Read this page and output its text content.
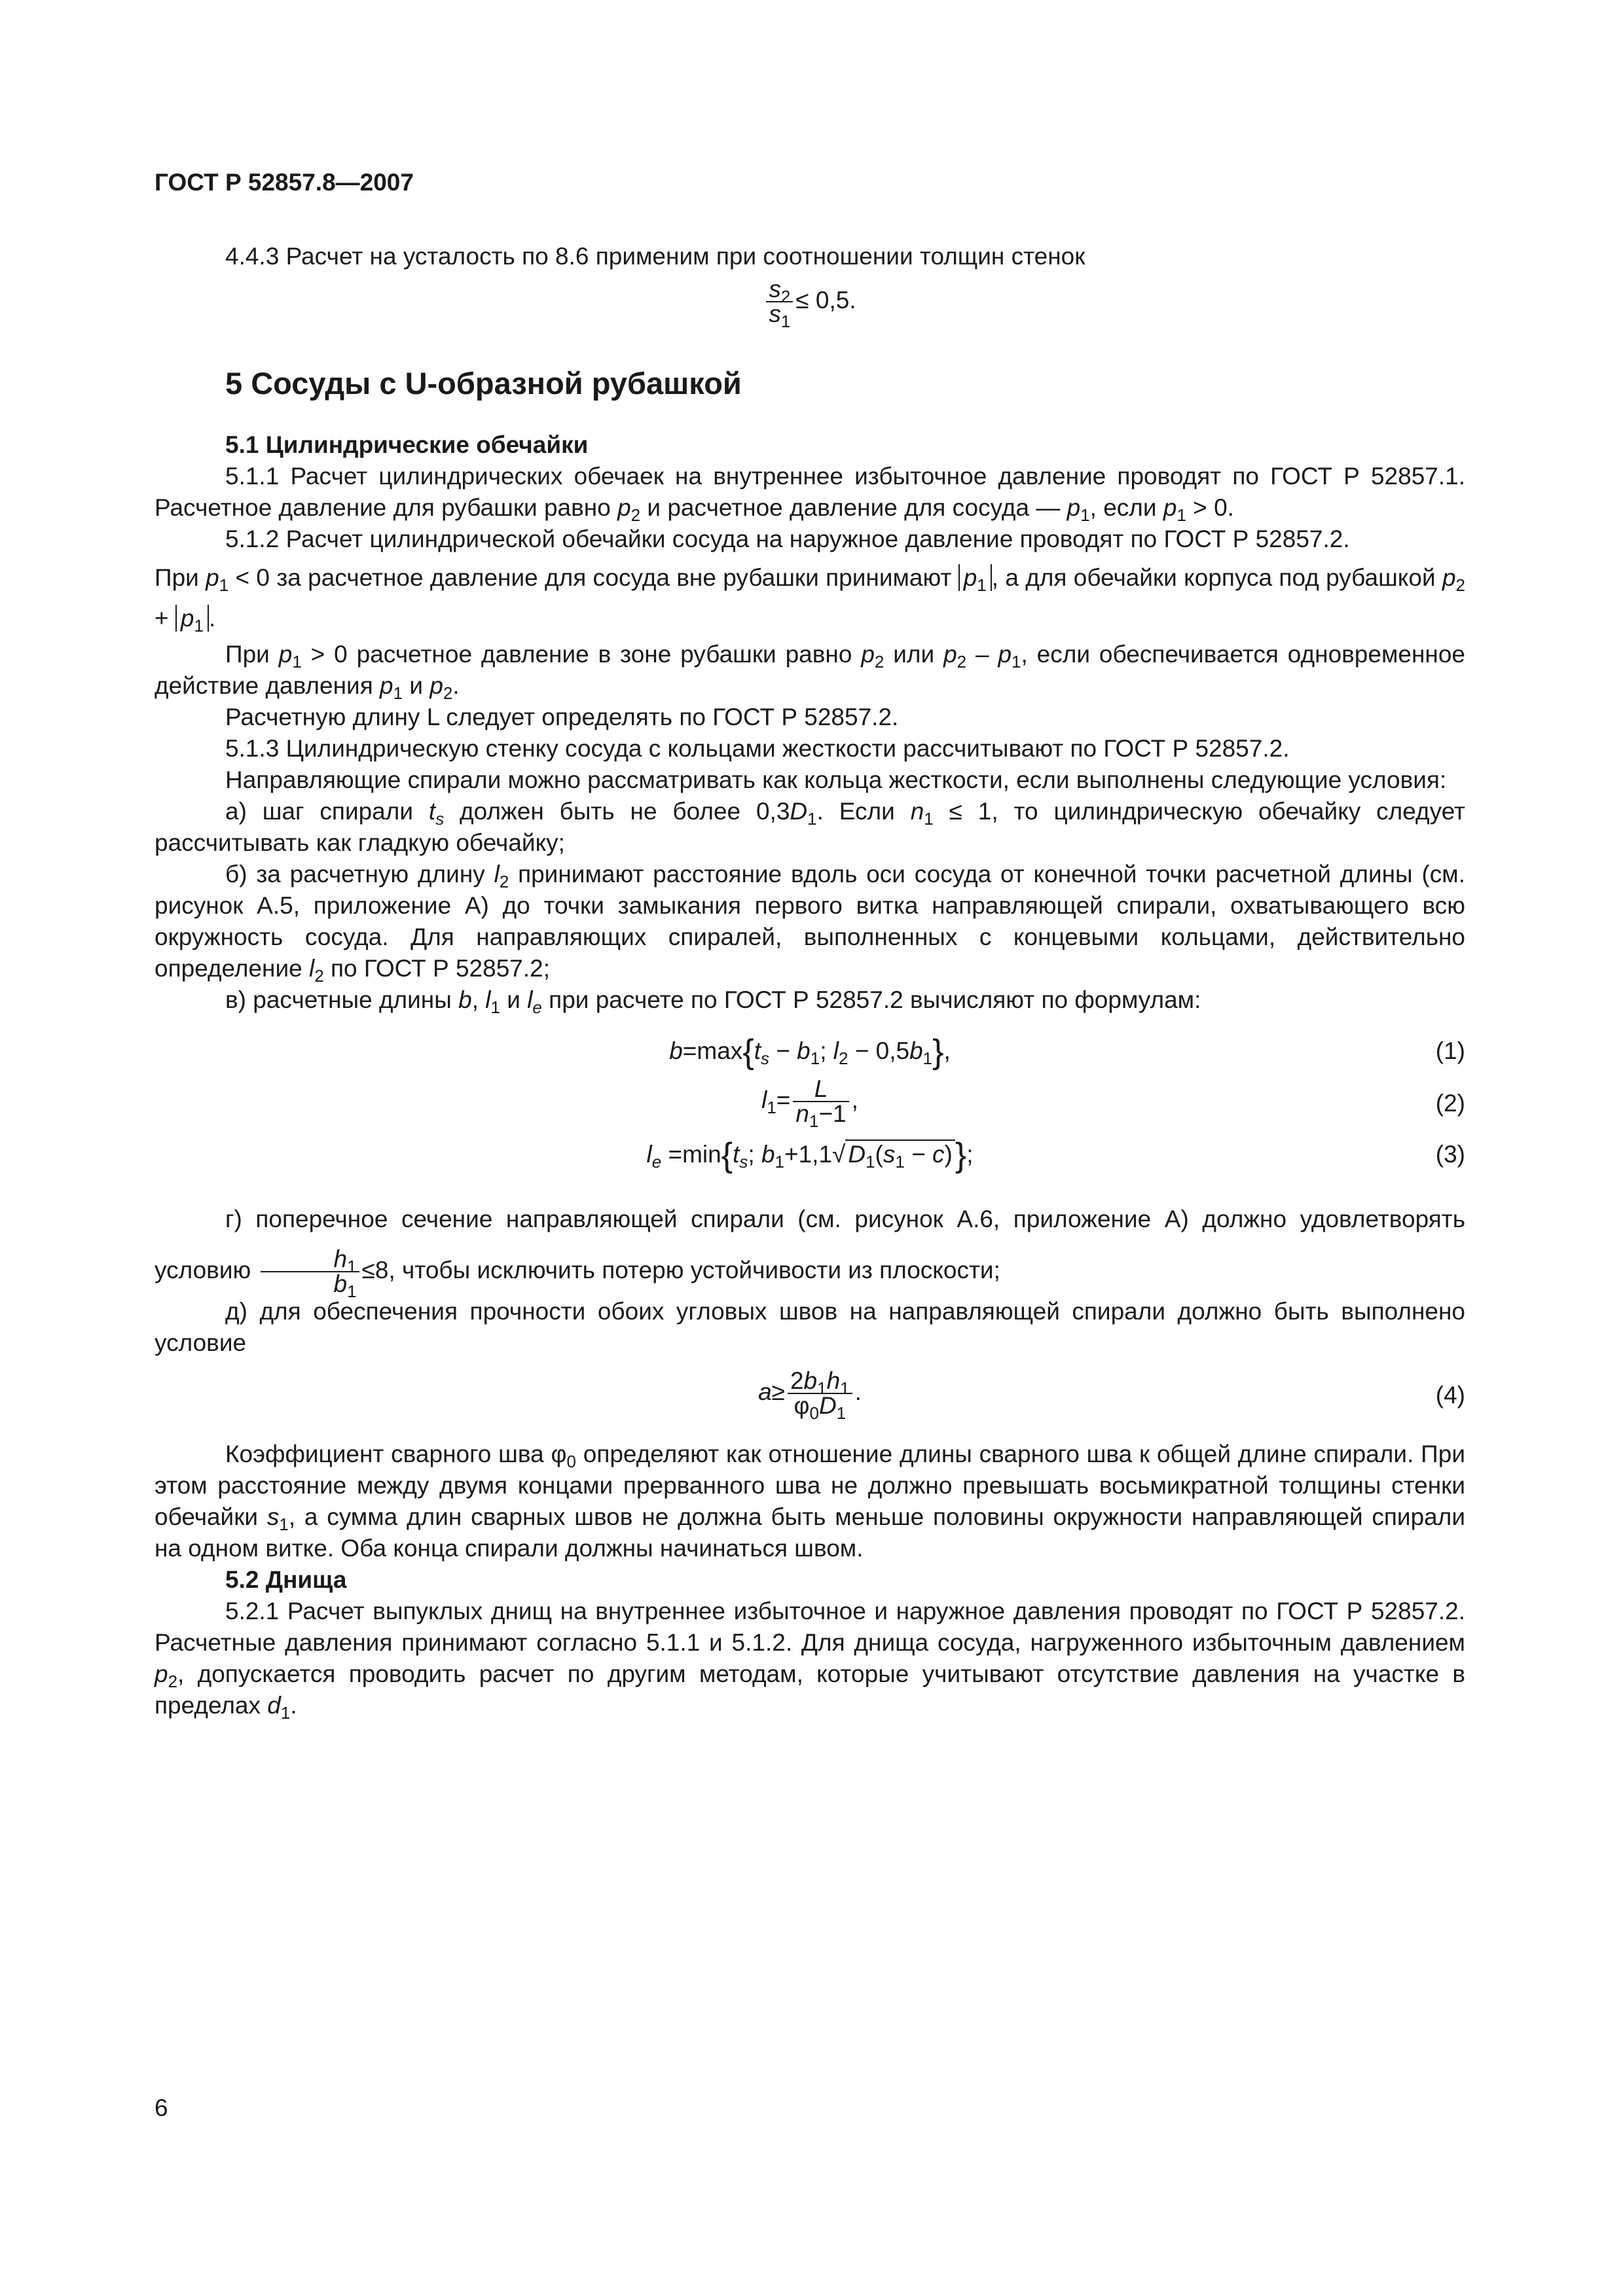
ГОСТ Р 52857.8—2007

4.4.3 Расчет на усталость по 8.6 применим при соотношении толщин стенок

$\frac{s_2}{s_1} \le 0,5$.
5 Сосуды с U-образной рубашкой
5.1 Цилиндрические обечайки

5.1.1 Расчет цилиндрических обечаек на внутреннее избыточное давление проводят по ГОСТ Р 52857.1. Расчетное давление для рубашки равно $p_2$ и расчетное давление для сосуда — $p_1$, если $p_1 > 0$.

5.1.2 Расчет цилиндрической обечайки сосуда на наружное давление проводят по ГОСТ Р 52857.2.

При $p_1 < 0$ за расчетное давление для сосуда вне рубашки принимают $p_1$ , а для обечайки корпуса под рубашкой $p_2 + p_1$ .

При $p_1 > 0$ расчетное давление в зоне рубашки равно $p_2$ или $p_2 - p_1$, если обеспечивается одновременное действие давления $p_1$ и $p_2$.

Расчетную длину L следует определять по ГОСТ Р 52857.2.

5.1.3 Цилиндрическую стенку сосуда с кольцами жесткости рассчитывают по ГОСТ Р 52857.2.

Направляющие спирали можно рассматривать как кольца жесткости, если выполнены следующие условия:

а) шаг спирали $t_s$ должен быть не более $0,3D_1$. Если $n_1 \le 1$, то цилиндрическую обечайку следует рассчитывать как гладкую обечайку;

б) за расчетную длину $l_2$ принимают расстояние вдоль оси сосуда от конечной точки расчетной длины (см. рисунок А.5, приложение А) до точки замыкания первого витка направляющей спирали, охватывающего всю окружность сосуда. Для направляющих спиралей, выполненных с концевыми кольцами, действительно определение $l_2$ по ГОСТ Р 52857.2;

в) расчетные длины b, $l_1$ и $l_e$ при расчете по ГОСТ Р 52857.2 вычисляют по формулам:

$b=\max\{t_s - b_1$; $l_2 - 0,5b_1$},	(1)
$l_1= \frac{L}{n_1-1}$ ,	(2)
$l_e =\min\{t_s$; $b_1+1,1√$ $D_1(s_1 - c)$};	(3)

г) поперечное сечение направляющей спирали (см. рисунок А.6, приложение А) должно удовлетворять условию $\frac{h_1}{b_1} \le 8$, чтобы исключить потерю устойчивости из плоскости;

д) для обеспечения прочности обоих угловых швов на направляющей спирали должно быть выполнено условие

$a\ge \frac{2b_1h_1}{\varphi_0D_1}$ .	(4)

Коэффициент сварного шва $\varphi_0$ определяют как отношение длины сварного шва к общей длине спирали. При этом расстояние между двумя концами прерванного шва не должно превышать восьмикратной толщины стенки обечайки $s_1$, а сумма длин сварных швов не должна быть меньше половины окружности направляющей спирали на одном витке. Оба конца спирали должны начинаться швом.

5.2 Днища

5.2.1 Расчет выпуклых днищ на внутреннее избыточное и наружное давления проводят по ГОСТ Р 52857.2. Расчетные давления принимают согласно 5.1.1 и 5.1.2. Для днища сосуда, нагруженного избыточным давлением $p_2$, допускается проводить расчет по другим методам, которые учитывают отсутствие давления на участке в пределах $d_1$.

6
